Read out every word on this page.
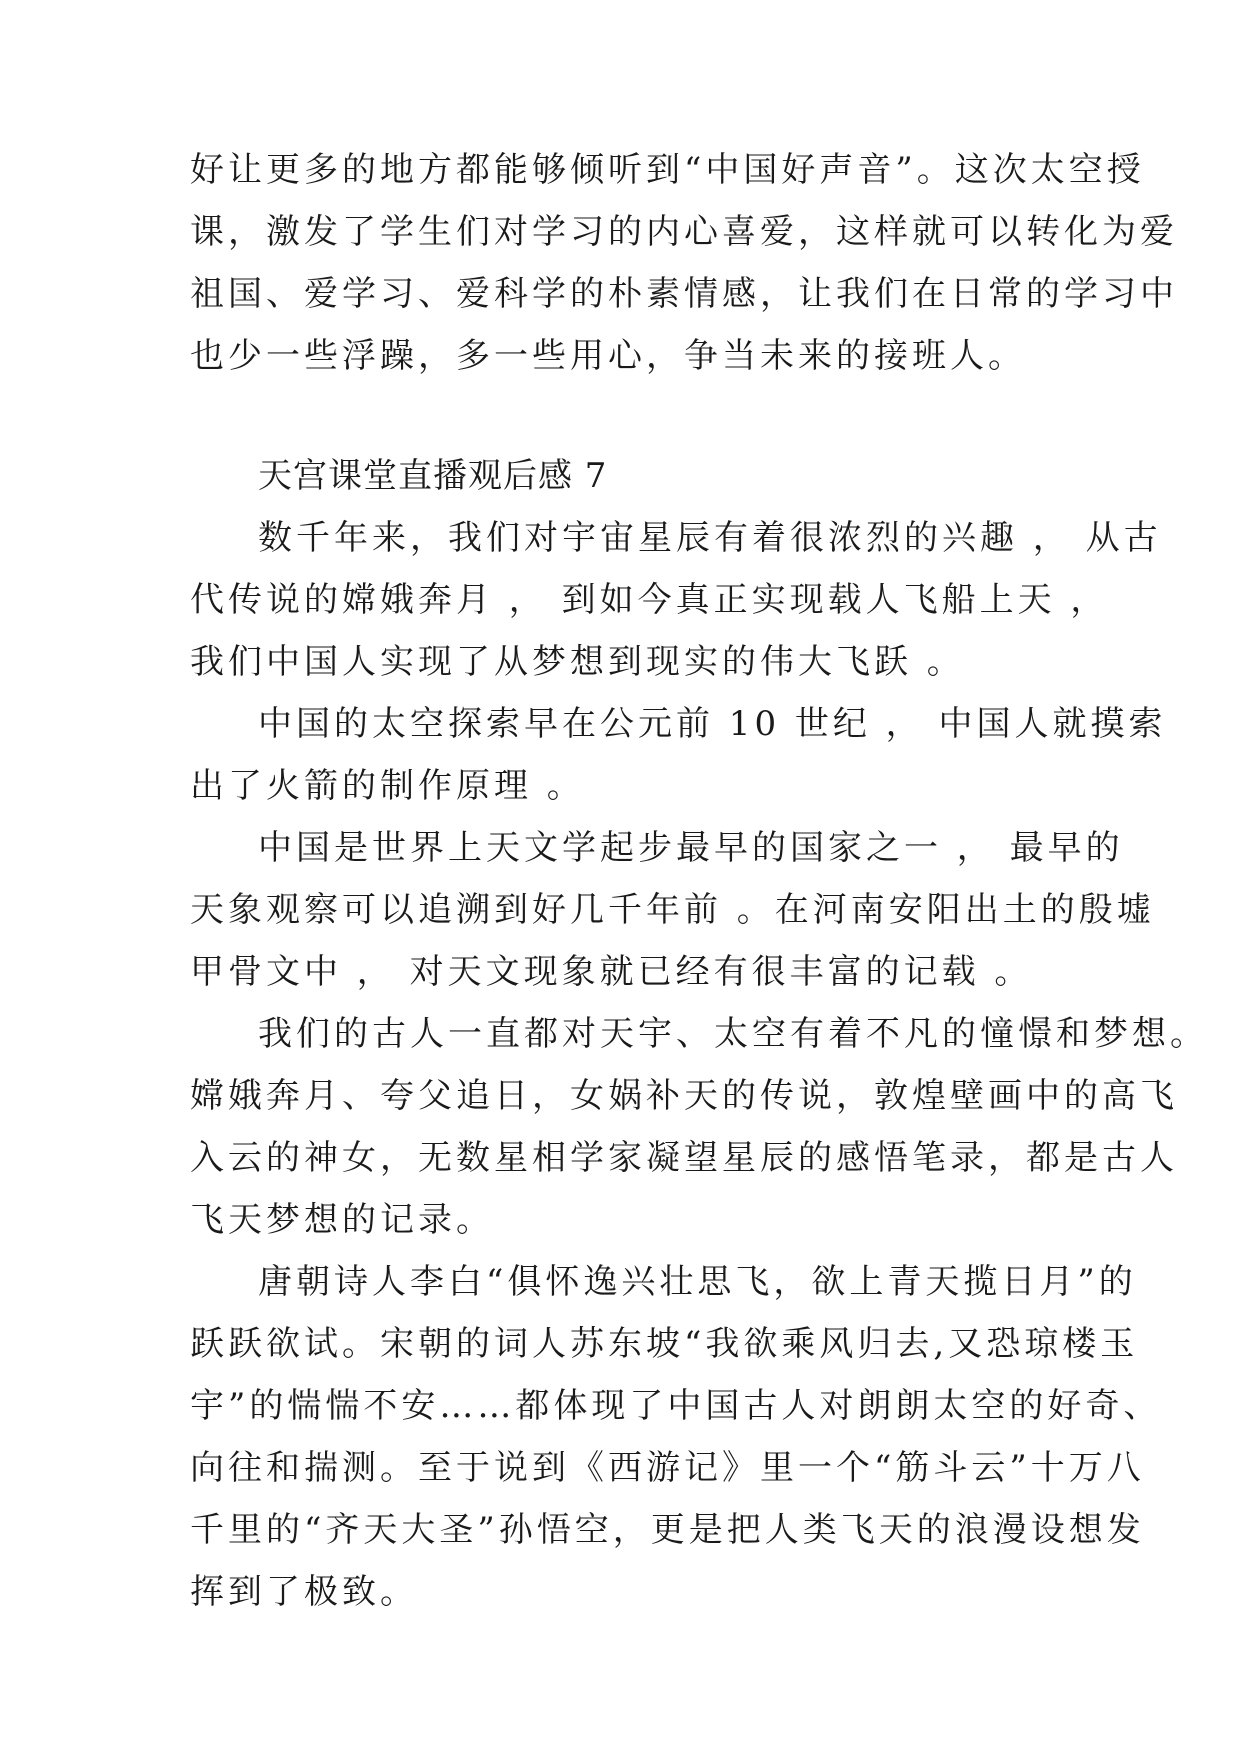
好让更多的地方都能够倾听到“中国好声音”。这次太空授
课，激发了学生们对学习的内心喜爱，这样就可以转化为爱
祖国、爱学习、爱科学的朴素情感，让我们在日常的学习中
也少一些浮躁，多一些用心，争当未来的接班人。
天宫课堂直播观后感 7
数千年来，我们对宇宙星辰有着很浓烈的兴趣 ， 从古
代传说的嫦娥奔月 ， 到如今真正实现载人飞船上天 ，
我们中国人实现了从梦想到现实的伟大飞跃 。
中国的太空探索早在公元前 10 世纪 ， 中国人就摸索
出了火箭的制作原理 。
中国是世界上天文学起步最早的国家之一 ， 最早的
天象观察可以追溯到好几千年前 。在河南安阳出土的殷墟
甲骨文中 ， 对天文现象就已经有很丰富的记载 。
我们的古人一直都对天宇、太空有着不凡的憧憬和梦想。
嫦娥奔月、夸父追日，女娲补天的传说，敦煌壁画中的高飞
入云的神女，无数星相学家凝望星辰的感悟笔录，都是古人
飞天梦想的记录。
唐朝诗人李白“俱怀逸兴壮思飞，欲上青天揽日月”的
跃跃欲试。宋朝的词人苏东坡“我欲乘风归去,又恐琼楼玉
宇”的惴惴不安……都体现了中国古人对朗朗太空的好奇、
向往和揣测。至于说到《西游记》里一个“筋斗云”十万八
千里的“齐天大圣”孙悟空，更是把人类飞天的浪漫设想发
挥到了极致。
